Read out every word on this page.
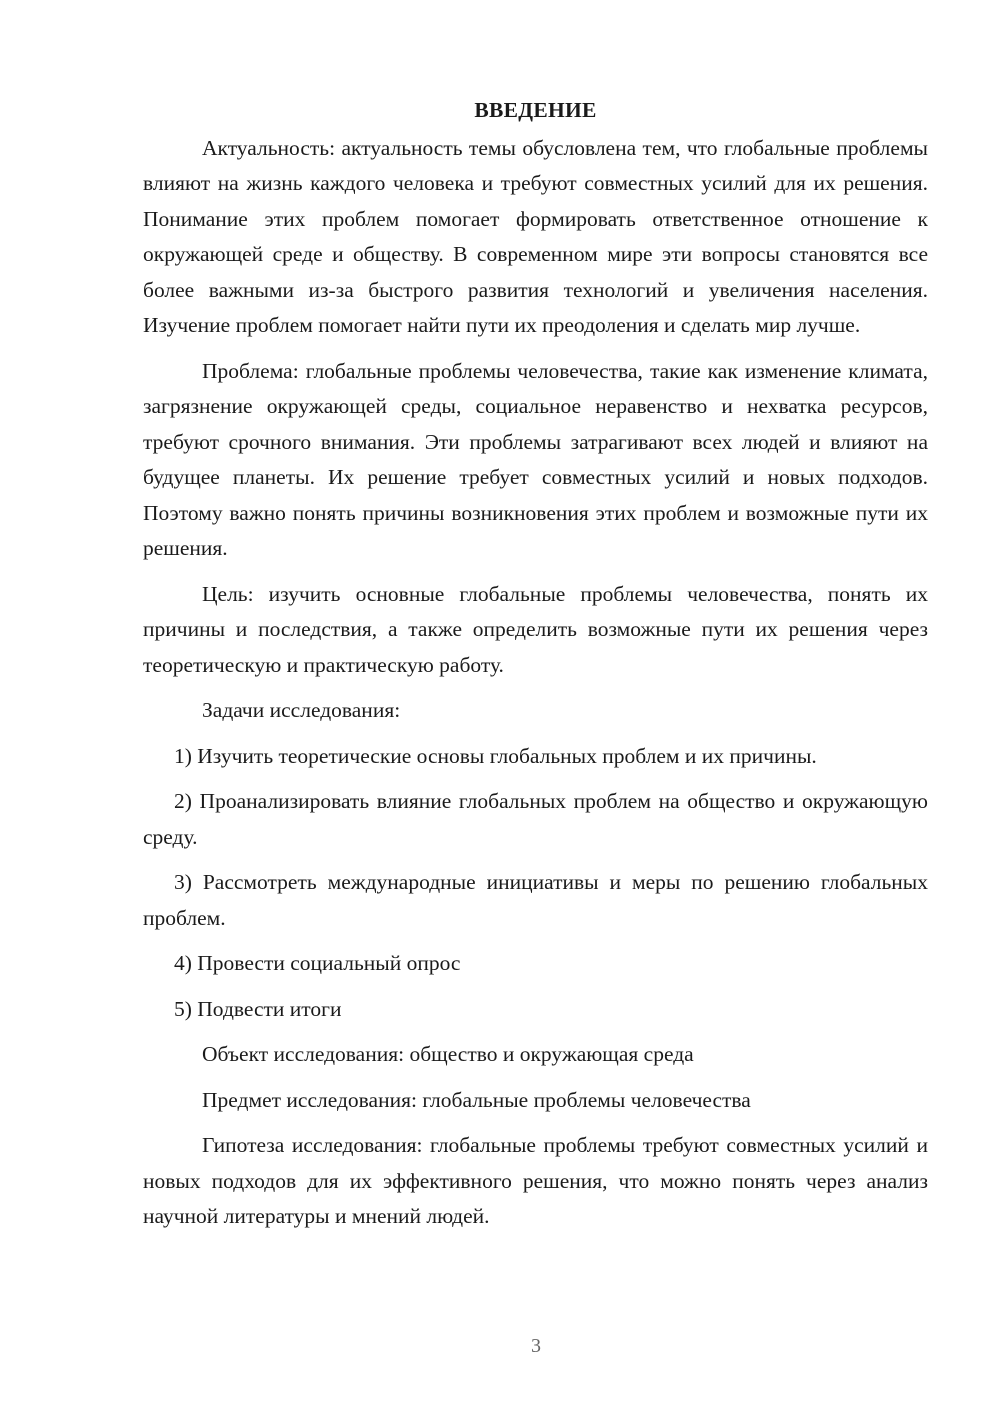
ВВЕДЕНИЕ

Актуальность: актуальность темы обусловлена тем, что глобальные проблемы влияют на жизнь каждого человека и требуют совместных усилий для их решения. Понимание этих проблем помогает формировать ответственное отношение к окружающей среде и обществу. В современном мире эти вопросы становятся все более важными из-за быстрого развития технологий и увеличения населения. Изучение проблем помогает найти пути их преодоления и сделать мир лучше.

Проблема: глобальные проблемы человечества, такие как изменение климата, загрязнение окружающей среды, социальное неравенство и нехватка ресурсов, требуют срочного внимания. Эти проблемы затрагивают всех людей и влияют на будущее планеты. Их решение требует совместных усилий и новых подходов. Поэтому важно понять причины возникновения этих проблем и возможные пути их решения.

Цель: изучить основные глобальные проблемы человечества, понять их причины и последствия, а также определить возможные пути их решения через теоретическую и практическую работу.

Задачи исследования:

1) Изучить теоретические основы глобальных проблем и их причины.

2) Проанализировать влияние глобальных проблем на общество и окружающую среду.

3) Рассмотреть международные инициативы и меры по решению глобальных проблем.

4) Провести социальный опрос

5) Подвести итоги

Объект исследования: общество и окружающая среда

Предмет исследования: глобальные проблемы человечества

Гипотеза исследования: глобальные проблемы требуют совместных усилий и новых подходов для их эффективного решения, что можно понять через анализ научной литературы и мнений людей.

3
